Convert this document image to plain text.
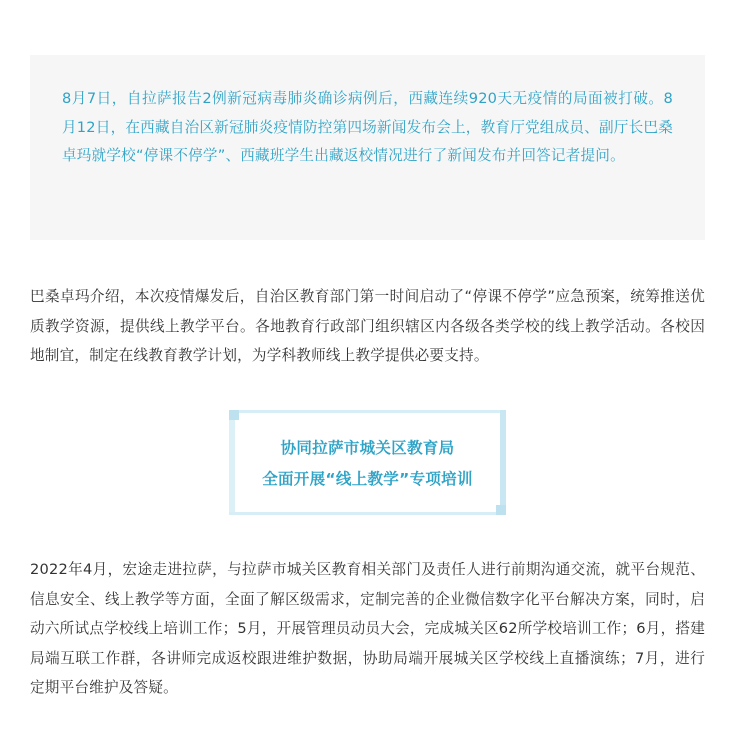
8月7日，自拉萨报告2例新冠病毒肺炎确诊病例后，西藏连续920天无疫情的局面被打破。8月12日，在西藏自治区新冠肺炎疫情防控第四场新闻发布会上，教育厅党组成员、副厅长巴桑卓玛就学校“停课不停学”、西藏班学生出藏返校情况进行了新闻发布并回答记者提问。

巴桑卓玛介绍，本次疫情爆发后，自治区教育部门第一时间启动了“停课不停学”应急预案，统筹推送优质教学资源，提供线上教学平台。各地教育行政部门组织辖区内各级各类学校的线上教学活动。各校因地制宜，制定在线教育教学计划，为学科教师线上教学提供必要支持。

协同拉萨市城关区教育局
全面开展“线上教学”专项培训

2022年4月，宏途走进拉萨，与拉萨市城关区教育相关部门及责任人进行前期沟通交流，就平台规范、信息安全、线上教学等方面，全面了解区级需求，定制完善的企业微信数字化平台解决方案，同时，启动六所试点学校线上培训工作；5月，开展管理员动员大会，完成城关区62所学校培训工作；6月，搭建局端互联工作群，各讲师完成返校跟进维护数据，协助局端开展城关区学校线上直播演练；7月，进行定期平台维护及答疑。
